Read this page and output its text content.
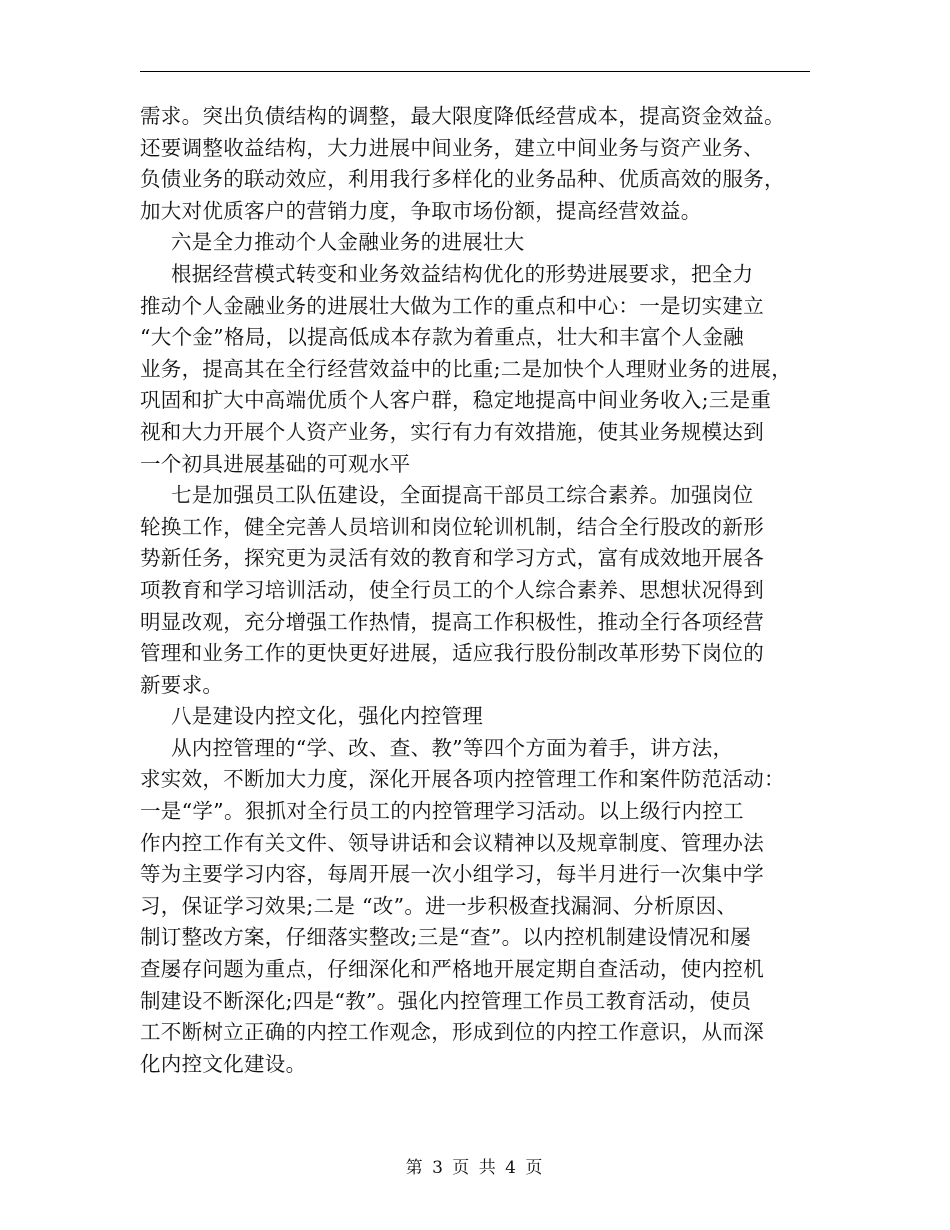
需求。突出负债结构的调整，最大限度降低经营成本，提高资金效益。
还要调整收益结构，大力进展中间业务，建立中间业务与资产业务、
负债业务的联动效应，利用我行多样化的业务品种、优质高效的服务，
加大对优质客户的营销力度，争取市场份额，提高经营效益。
六是全力推动个人金融业务的进展壮大
根据经营模式转变和业务效益结构优化的形势进展要求，把全力
推动个人金融业务的进展壮大做为工作的重点和中心：一是切实建立
“大个金”格局，以提高低成本存款为着重点，壮大和丰富个人金融
业务，提高其在全行经营效益中的比重;二是加快个人理财业务的进展，
巩固和扩大中高端优质个人客户群，稳定地提高中间业务收入;三是重
视和大力开展个人资产业务，实行有力有效措施，使其业务规模达到
一个初具进展基础的可观水平
七是加强员工队伍建设，全面提高干部员工综合素养。加强岗位
轮换工作，健全完善人员培训和岗位轮训机制，结合全行股改的新形
势新任务，探究更为灵活有效的教育和学习方式，富有成效地开展各
项教育和学习培训活动，使全行员工的个人综合素养、思想状况得到
明显改观，充分增强工作热情，提高工作积极性，推动全行各项经营
管理和业务工作的更快更好进展，适应我行股份制改革形势下岗位的
新要求。
八是建设内控文化，强化内控管理
从内控管理的“学、改、查、教”等四个方面为着手，讲方法，
求实效，不断加大力度，深化开展各项内控管理工作和案件防范活动：
一是“学”。狠抓对全行员工的内控管理学习活动。以上级行内控工
作内控工作有关文件、领导讲话和会议精神以及规章制度、管理办法
等为主要学习内容，每周开展一次小组学习，每半月进行一次集中学
习，保证学习效果;二是 “改”。进一步积极查找漏洞、分析原因、
制订整改方案，仔细落实整改;三是“查”。以内控机制建设情况和屡
查屡存问题为重点，仔细深化和严格地开展定期自查活动，使内控机
制建设不断深化;四是“教”。强化内控管理工作员工教育活动，使员
工不断树立正确的内控工作观念，形成到位的内控工作意识，从而深
化内控文化建设。
第 3 页 共 4 页
